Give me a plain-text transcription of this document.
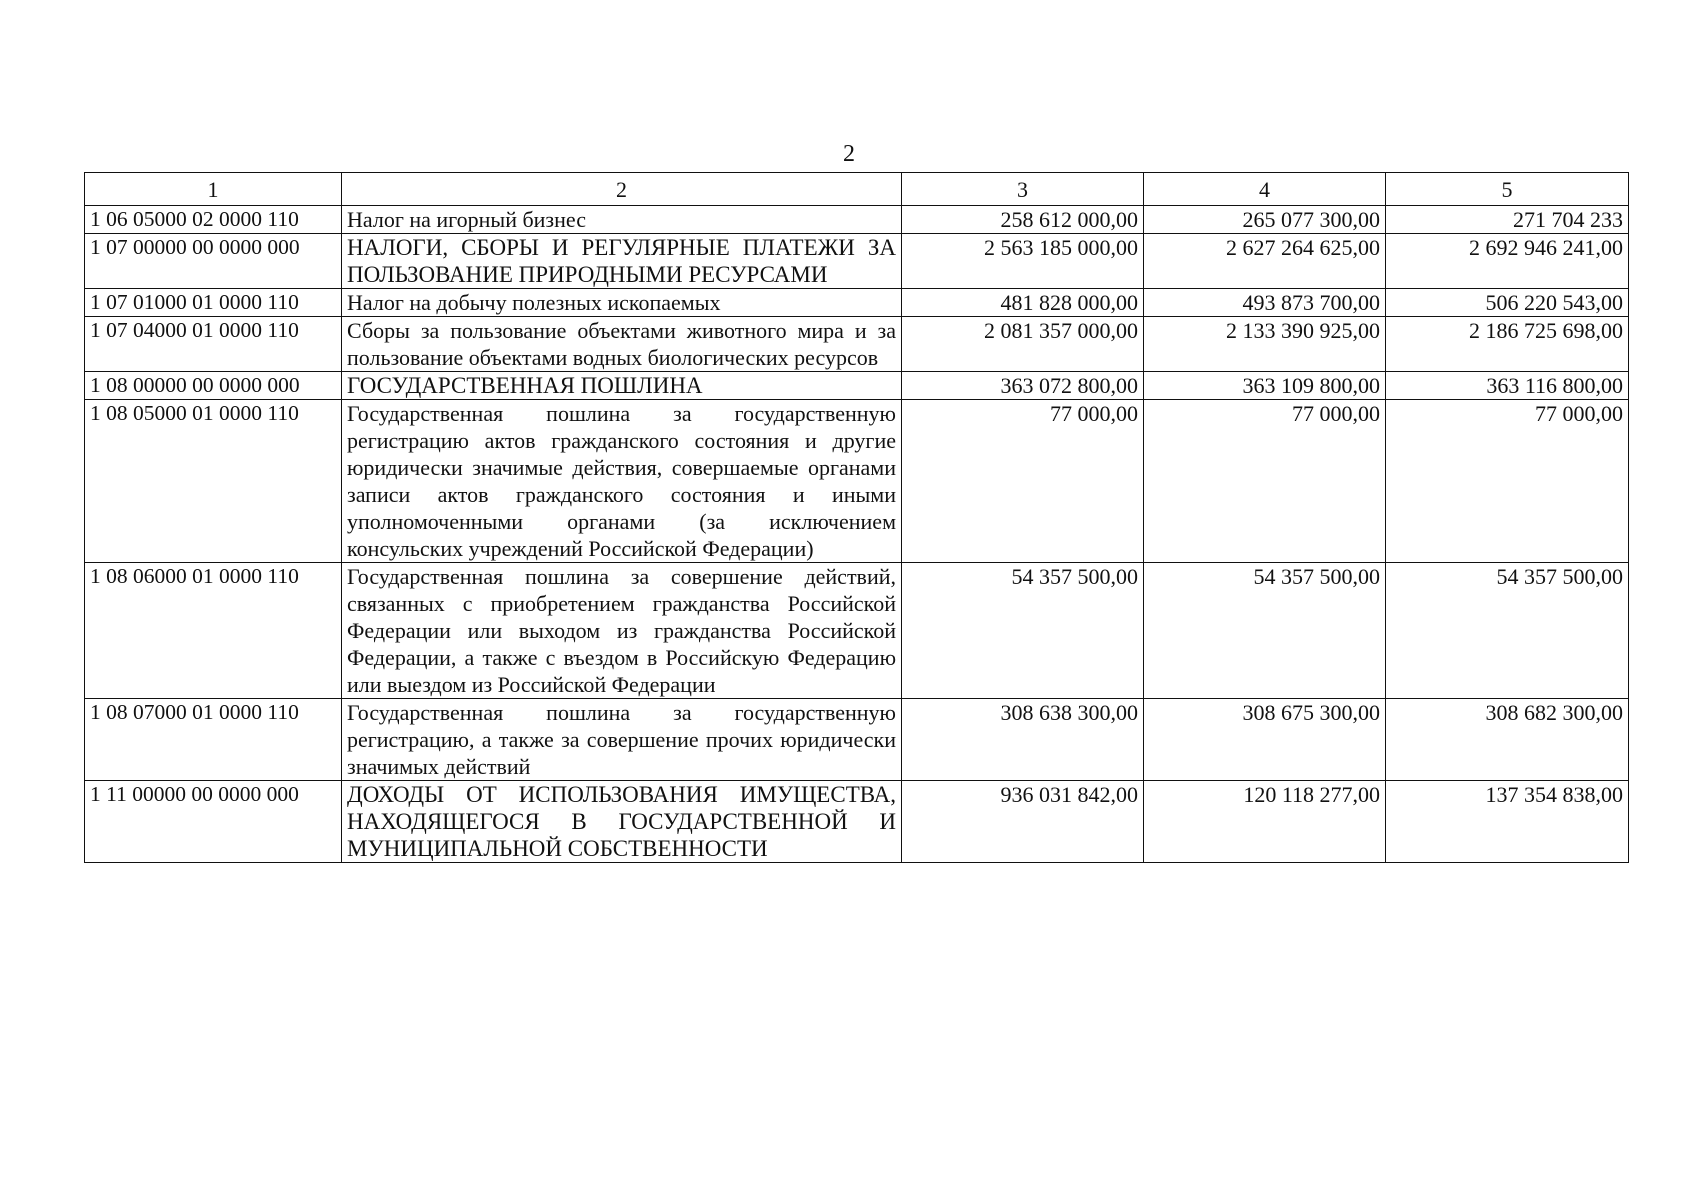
2
1	2	3	4	5
1 06 05000 02 0000 110	Налог на игорный бизнес	258 612 000,00	265 077 300,00	271 704 233
1 07 00000 00 0000 000	НАЛОГИ, СБОРЫ И РЕГУЛЯРНЫЕ ПЛАТЕЖИ ЗА ПОЛЬЗОВАНИЕ ПРИРОДНЫМИ РЕСУРСАМИ	2 563 185 000,00	2 627 264 625,00	2 692 946 241,00
1 07 01000 01 0000 110	Налог на добычу полезных ископаемых	481 828 000,00	493 873 700,00	506 220 543,00
1 07 04000 01 0000 110	Сборы за пользование объектами животного мира и за пользование объектами водных биологических ресурсов	2 081 357 000,00	2 133 390 925,00	2 186 725 698,00
1 08 00000 00 0000 000	ГОСУДАРСТВЕННАЯ ПОШЛИНА	363 072 800,00	363 109 800,00	363 116 800,00
1 08 05000 01 0000 110	Государственная пошлина за государственную регистрацию актов гражданского состояния и другие юридически значимые действия, совершаемые органами записи актов гражданского состояния и иными уполномоченными органами (за исключением консульских учреждений Российской Федерации)	77 000,00	77 000,00	77 000,00
1 08 06000 01 0000 110	Государственная пошлина за совершение действий, связанных с приобретением гражданства Российской Федерации или выходом из гражданства Российской Федерации, а также с въездом в Российскую Федерацию или выездом из Российской Федерации	54 357 500,00	54 357 500,00	54 357 500,00
1 08 07000 01 0000 110	Государственная пошлина за государственную регистрацию, а также за совершение прочих юридически значимых действий	308 638 300,00	308 675 300,00	308 682 300,00
1 11 00000 00 0000 000	ДОХОДЫ ОТ ИСПОЛЬЗОВАНИЯ ИМУЩЕСТВА, НАХОДЯЩЕГОСЯ В ГОСУДАРСТВЕННОЙ И МУНИЦИПАЛЬНОЙ СОБСТВЕННОСТИ	936 031 842,00	120 118 277,00	137 354 838,00
